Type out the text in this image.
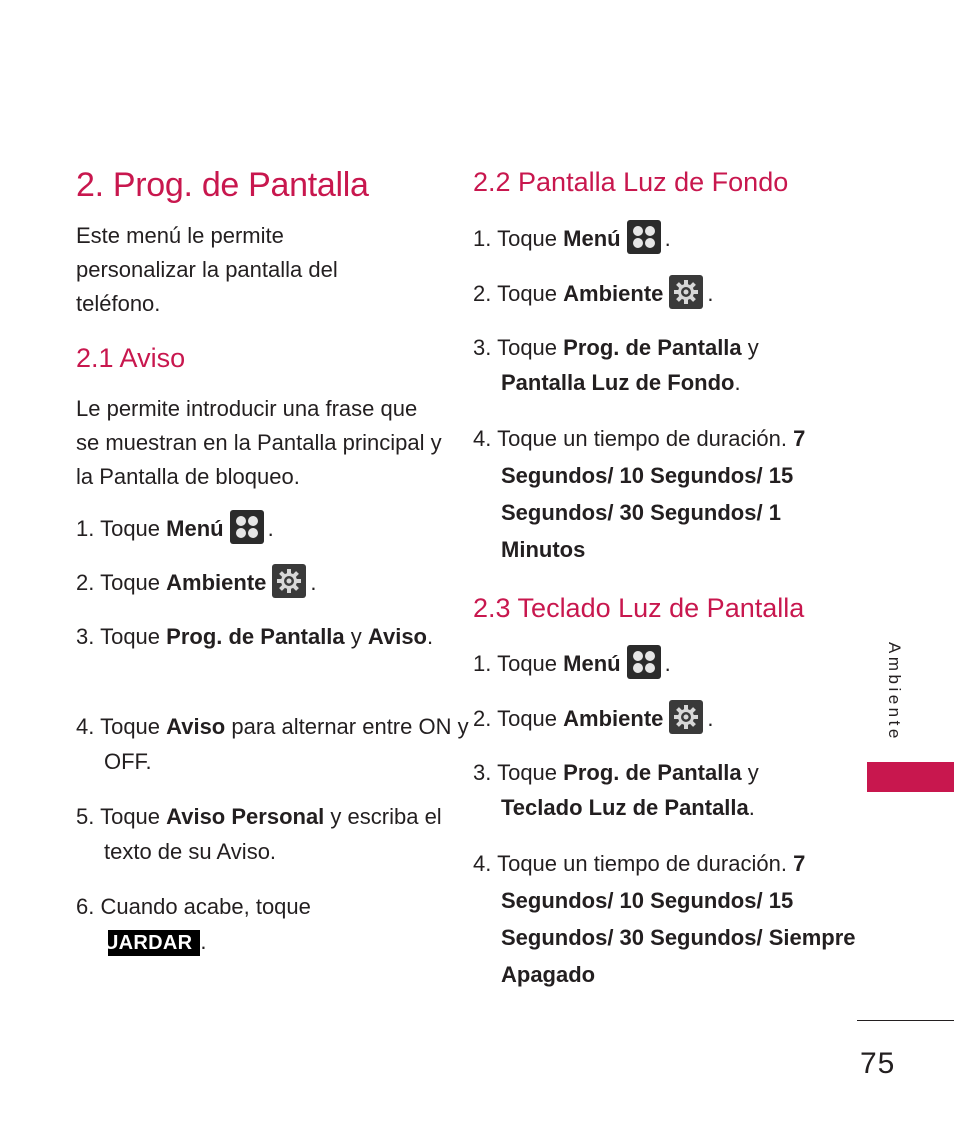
2. Prog. de Pantalla

Este menú le permite personalizar la pantalla del teléfono.

2.1 Aviso

Le permite introducir una frase que se muestran en la Pantalla principal y la Pantalla de bloqueo.

1. Toque Menú .

2. Toque Ambiente .

3. Toque Prog. de Pantalla y Aviso.

4. Toque Aviso para alternar entre ON y OFF.

5. Toque Aviso Personal y escriba el texto de su Aviso.

6. Cuando acabe, toque GUARDAR .

2.2 Pantalla Luz de Fondo

1. Toque Menú .

2. Toque Ambiente .

3. Toque Prog. de Pantalla y Pantalla Luz de Fondo.

4. Toque un tiempo de duración. 7 Segundos/ 10 Segundos/ 15 Segundos/ 30 Segundos/ 1 Minutos

2.3 Teclado Luz de Pantalla

1. Toque Menú .

2. Toque Ambiente .

3. Toque Prog. de Pantalla y Teclado Luz de Pantalla.

4. Toque un tiempo de duración. 7 Segundos/ 10 Segundos/ 15 Segundos/ 30 Segundos/ Siempre Apagado

Ambiente
75
